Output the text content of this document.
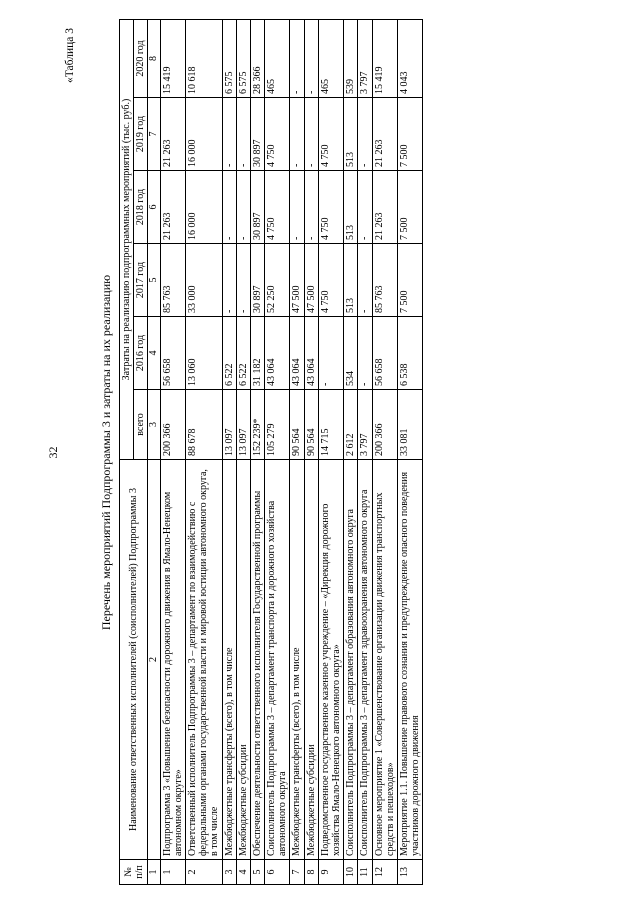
32
«Таблица 3
Перечень мероприятий Подпрограммы 3 и затраты на их реализацию
№ п/п	Наименование ответственных исполнителей (соисполнителей) Подпрограммы 3	Затраты на реализацию подпрограммных мероприятий (тыс. руб.)					
		всего	2016 год	2017 год	2018 год	2019 год	2020 год
1	2	3	4	5	6	7	8
1	Подпрограмма 3 «Повышение безопасности дорожного движения в Ямало-Ненецком автономном округе»	200 366	56 658	85 763	21 263	21 263	15 419
2	Ответственный исполнитель Подпрограммы 3 – департамент по взаимодействию с федеральными органами государственной власти и мировой юстиции автономного округа, в том числе	88 678	13 060	33 000	16 000	16 000	10 618
3	Межбюджетные трансферты (всего), в том числе	13 097	6 522	-	-	-	6 575
4	Межбюджетные субсидии	13 097	6 522	-	-	-	6 575
5	Обеспечение деятельности ответственного исполнителя Государственной программы	152 239*	31 182	30 897	30 897	30 897	28 366
6	Соисполнитель Подпрограммы 3 – департамент транспорта и дорожного хозяйства автономного округа	105 279	43 064	52 250	4 750	4 750	465
7	Межбюджетные трансферты (всего), в том числе	90 564	43 064	47 500	-	-	-
8	Межбюджетные субсидии	90 564	43 064	47 500	-	-	-
9	Подведомственное государственное казенное учреждение – «Дирекция дорожного хозяйства Ямало-Ненецкого автономного округа»	14 715	-	4 750	4 750	4 750	465
10	Соисполнитель Подпрограммы 3 – департамент образования автономного округа	2 612	534	513	513	513	539
11	Соисполнитель Подпрограммы 3 – департамент здравоохранения автономного округа	3 797	-	-	-	-	3 797
12	Основное мероприятие 1 «Совершенствование организации движения транспортных средств и пешеходов»	200 366	56 658	85 763	21 263	21 263	15 419
13	Мероприятие 1.1. Повышение правового сознания и предупреждение опасного поведения участников дорожного движения	33 081	6 538	7 500	7 500	7 500	4 043
